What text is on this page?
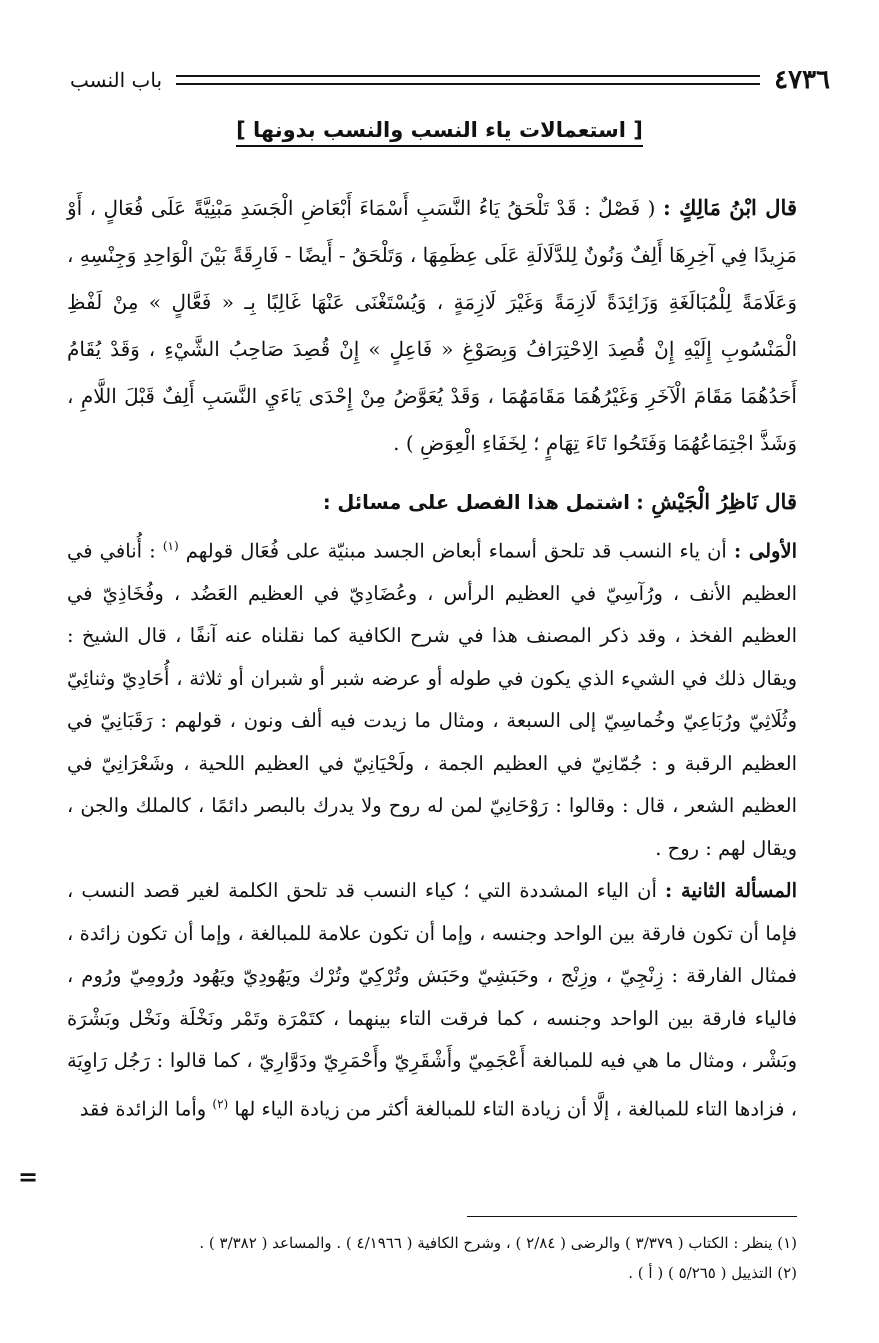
٤٧٣٦
باب النسب
[ استعمالات ياء النسب والنسب بدونها ]

قال ابْنُ مَالِكٍ : ( فَصْلٌ : قَدْ تَلْحَقُ يَاءُ النَّسَبِ أَسْمَاءَ أَبْعَاضِ الْجَسَدِ مَبْنِيَّةً عَلَى فُعَالٍ ، أَوْ مَزِيدًا فِي آخِرِهَا أَلِفٌ وَنُونٌ لِلدَّلَالَةِ عَلَى عِظَمِهَا ، وَتَلْحَقُ - أَيضًا - فَارِقَةً بَيْنَ الْوَاحِدِ وَجِنْسِهِ ، وَعَلَامَةً لِلْمُبَالَغَةِ وَزَائِدَةً لَازِمَةً وَغَيْرَ لَازِمَةٍ ، وَيُسْتَغْنَى عَنْهَا غَالِبًا بِـ « فَعَّالٍ » مِنْ لَفْظِ الْمَنْسُوبِ إِلَيْهِ إِنْ قُصِدَ الِاحْتِرَافُ وَبِصَوْغِ « فَاعِلٍ » إِنْ قُصِدَ صَاحِبُ الشَّيْءِ ، وَقَدْ يُقَامُ أَحَدُهُمَا مَقَامَ الْآخَرِ وَغَيْرُهُمَا مَقَامَهُمَا ، وَقَدْ يُعَوَّضُ مِنْ إِحْدَى يَاءَيِ النَّسَبِ أَلِفٌ قَبْلَ اللَّامِ ، وَشَذَّ اجْتِمَاعُهُمَا وَفَتَحُوا تَاءَ تِهَامٍ ؛ لِخَفَاءِ الْعِوَضِ ) .

قال نَاظِرُ الْجَيْشِ : اشتمل هذا الفصل على مسائل :

الأولى : أن ياء النسب قد تلحق أسماء أبعاض الجسد مبنيّة على فُعَال قولهم $^{(١)}$ : أُنافي في العظيم الأنف ، ورُآسِيّ في العظيم الرأس ، وعُضَادِيّ في العظيم العَضُد ، وفُخَاذِيّ في العظيم الفخذ ، وقد ذكر المصنف هذا في شرح الكافية كما نقلناه عنه آنفًا ، قال الشيخ : ويقال ذلك في الشيء الذي يكون في طوله أو عرضه شبر أو شبران أو ثلاثة ، أُحَادِيّ وثنائِيّ وثُلَاثِيّ ورُبَاعِيّ وخُماسِيّ إلى السبعة ، ومثال ما زيدت فيه ألف ونون ، قولهم : رَقَبَانِيّ في العظيم الرقبة و : جُمّانِيّ في العظيم الجمة ، ولَحْيَانِيّ في العظيم اللحية ، وشَعْرَانِيّ في العظيم الشعر ، قال : وقالوا : رَوْحَانِيّ لمن له روح ولا يدرك بالبصر دائمًا ، كالملك والجن ، ويقال لهم : روح .

المسألة الثانية : أن الياء المشددة التي ؛ كياء النسب قد تلحق الكلمة لغير قصد النسب ، فإما أن تكون فارقة بين الواحد وجنسه ، وإما أن تكون علامة للمبالغة ، وإما أن تكون زائدة ، فمثال الفارقة : زِنْجِيّ ، وزِنْج ، وحَبَشِيّ وحَبَش وتُرْكِيّ وتُرْك ويَهُودِيّ ويَهُود ورُومِيّ ورُوم ، فالياء فارقة بين الواحد وجنسه ، كما فرقت التاء بينهما ، كتَمْرَة وتَمْر ونَخْلَة ونَخْل وبَشْرَة وبَشْر ، ومثال ما هي فيه للمبالغة أَعْجَمِيّ وأَشْقَرِيّ وأَحْمَرِيّ ودَوَّارِيّ ، كما قالوا : رَجُل رَاوِيَة ، فزادها التاء للمبالغة ، إلَّا أن زيادة التاء للمبالغة أكثر من زيادة الياء لها $^{(٢)}$ وأما الزائدة فقد

=

(١) ينظر : الكتاب ( ٣/٣٧٩ ) والرضى ( ٢/٨٤ ) ، وشرح الكافية ( ٤/١٩٦٦ ) . والمساعد ( ٣/٣٨٢ ) .

(٢) التذييل ( ٥/٢٦٥ ) ( أ ) .
